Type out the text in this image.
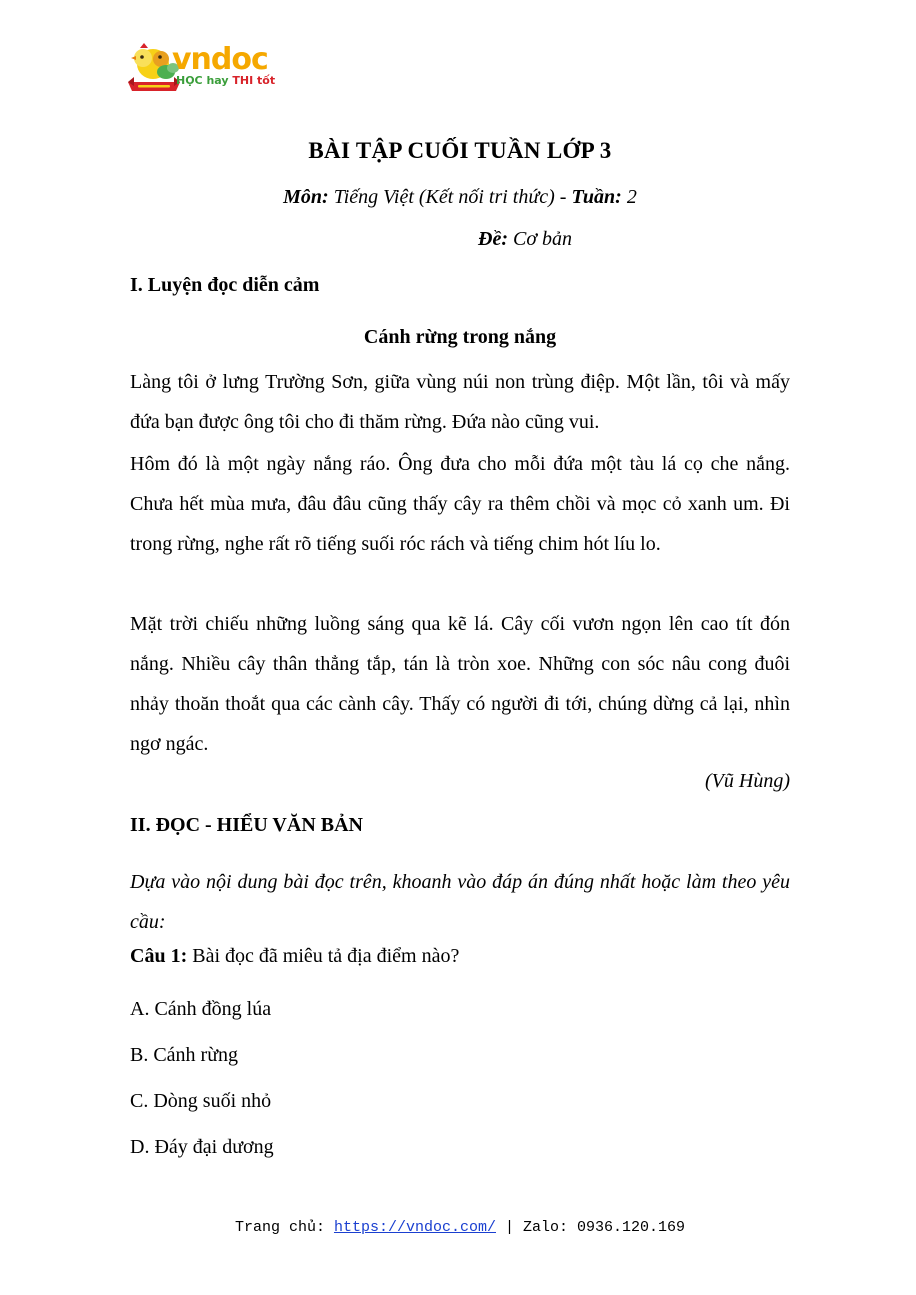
vndoc
HỌC hay THI tốt
BÀI TẬP CUỐI TUẦN LỚP 3
Môn: Tiếng Việt (Kết nối tri thức) - Tuần: 2
Đề: Cơ bản
I. Luyện đọc diễn cảm
Cánh rừng trong nắng
Làng tôi ở lưng Trường Sơn, giữa vùng núi non trùng điệp. Một lần, tôi và mấy đứa bạn được ông tôi cho đi thăm rừng. Đứa nào cũng vui.
Hôm đó là một ngày nắng ráo. Ông đưa cho mỗi đứa một tàu lá cọ che nắng. Chưa hết mùa mưa, đâu đâu cũng thấy cây ra thêm chồi và mọc cỏ xanh um. Đi trong rừng, nghe rất rõ tiếng suối róc rách và tiếng chim hót líu lo.
Mặt trời chiếu những luồng sáng qua kẽ lá. Cây cối vươn ngọn lên cao tít đón nắng. Nhiều cây thân thẳng tắp, tán là tròn xoe. Những con sóc nâu cong đuôi nhảy thoăn thoắt qua các cành cây. Thấy có người đi tới, chúng dừng cả lại, nhìn ngơ ngác.
(Vũ Hùng)
II. ĐỌC - HIỂU VĂN BẢN
Dựa vào nội dung bài đọc trên, khoanh vào đáp án đúng nhất hoặc làm theo yêu cầu:
Câu 1: Bài đọc đã miêu tả địa điểm nào?
A. Cánh đồng lúa
B. Cánh rừng
C. Dòng suối nhỏ
D. Đáy đại dương
Trang chủ: https://vndoc.com/ | Zalo: 0936.120.169
